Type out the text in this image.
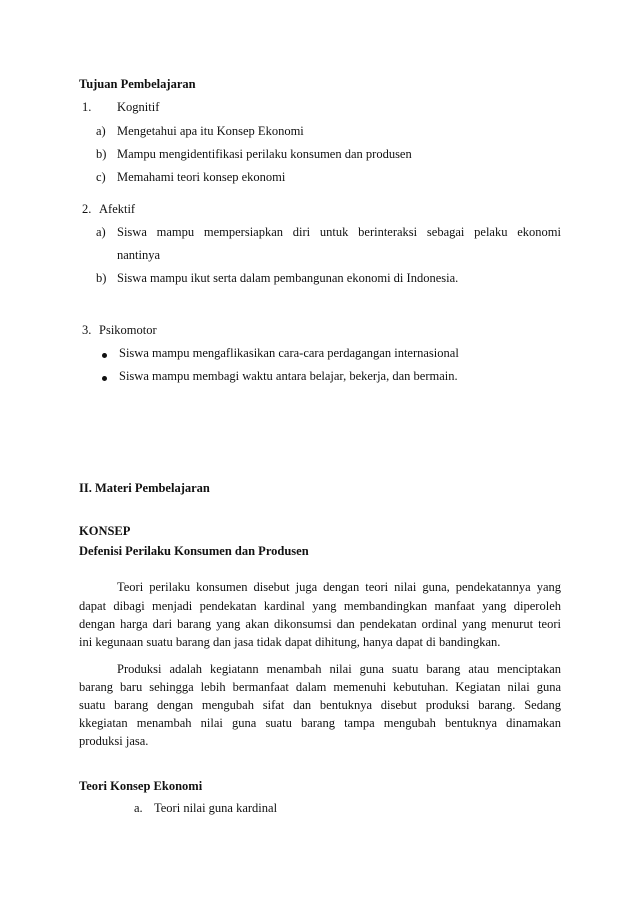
Tujuan Pembelajaran
1. Kognitif
a) Mengetahui apa itu Konsep Ekonomi
b) Mampu mengidentifikasi perilaku konsumen dan produsen
c) Memahami teori konsep ekonomi
2. Afektif
a) Siswa mampu mempersiapkan diri untuk berinteraksi sebagai pelaku ekonomi
nantinya
b) Siswa mampu ikut serta dalam pembangunan ekonomi di Indonesia.
3. Psikomotor
Siswa mampu mengaflikasikan cara-cara perdagangan internasional
Siswa mampu membagi waktu antara belajar, bekerja, dan bermain.
II. Materi Pembelajaran
KONSEP
Defenisi Perilaku Konsumen dan Produsen
Teori perilaku konsumen disebut juga dengan teori nilai guna, pendekatannya yang
dapat dibagi menjadi pendekatan kardinal yang membandingkan manfaat yang diperoleh
dengan harga dari barang yang akan dikonsumsi dan pendekatan ordinal yang menurut teori
ini kegunaan suatu barang dan jasa tidak dapat dihitung, hanya dapat di bandingkan.
Produksi adalah kegiatann menambah nilai guna suatu barang atau menciptakan
barang baru sehingga lebih bermanfaat dalam memenuhi kebutuhan. Kegiatan nilai guna
suatu barang dengan mengubah sifat dan bentuknya disebut produksi barang. Sedang
kkegiatan menambah nilai guna suatu barang tampa mengubah bentuknya dinamakan
produksi jasa.
Teori Konsep Ekonomi
a. Teori nilai guna kardinal
